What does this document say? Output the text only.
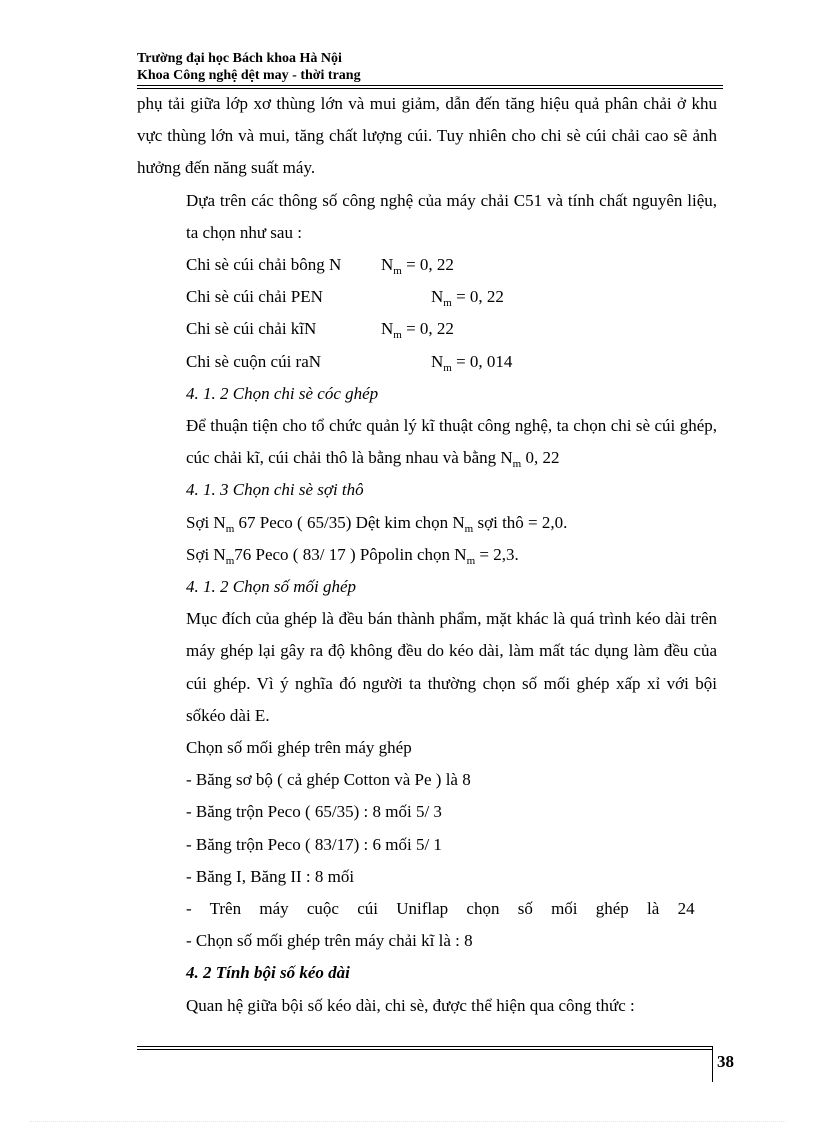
Trường đại học Bách khoa Hà Nội
Khoa Công nghệ dệt may - thời trang
phụ tải giữa lớp xơ thùng lớn và mui giảm, dẫn đến tăng hiệu quả phân chải ở khu vực thùng lớn và mui, tăng chất lượng cúi. Tuy nhiên cho chi sè cúi chải cao sẽ ảnh hưởng đến năng suất máy.
Dựa trên các thông số công nghệ của máy chải C51 và tính chất nguyên liệu, ta chọn như sau :
Chi sè cúi chải bông N $N_m = 0$, 22
Chi sè cúi chải PEN	$N_m = 0$, 22
Chi sè cúi chải kĩN	$N_m = 0$, 22
Chi sè cuộn cúi raN	$N_m = 0$, 014
4. 1. 2 Chọn chi sè cóc ghép
Để thuận tiện cho tổ chức quản lý kĩ thuật công nghệ, ta chọn chi sè cúi ghép, cúc chải kĩ, cúi chải thô là bằng nhau và bằng $N_m$ 0, 22
4. 1. 3 Chọn chi sè sợi thô
Sợi $N_m$ 67 Peco ( 65/35) Dệt kim chọn $N_m$ sợi thô = 2,0.
Sợi $N_m76$ Peco ( 83/ 17 ) Pôpolin chọn $N_m = 2,3$.
4. 1. 2 Chọn số mối ghép
Mục đích của ghép là đều bán thành phẩm, mặt khác là quá trình kéo dài trên máy ghép lại gây ra độ không đều do kéo dài, làm mất tác dụng làm đều của cúi ghép. Vì ý nghĩa đó người ta thường chọn số mối ghép xấp xỉ với bội sốkéo dài E.
Chọn số mối ghép trên máy ghép
- Băng sơ bộ ( cả ghép Cotton và Pe ) là 8
- Băng trộn Peco ( 65/35) : 8 mối 5/ 3
- Băng trộn Peco ( 83/17) : 6 mối 5/ 1
- Băng I, Băng II : 8 mối
- Trên máy cuộc cúi Uniflap chọn số mối ghép là 24
- Chọn số mối ghép trên máy chải kĩ là : 8
4. 2 Tính bội số kéo dài
Quan hệ giữa bội số kéo dài, chi sè, được thể hiện qua công thức :
38
